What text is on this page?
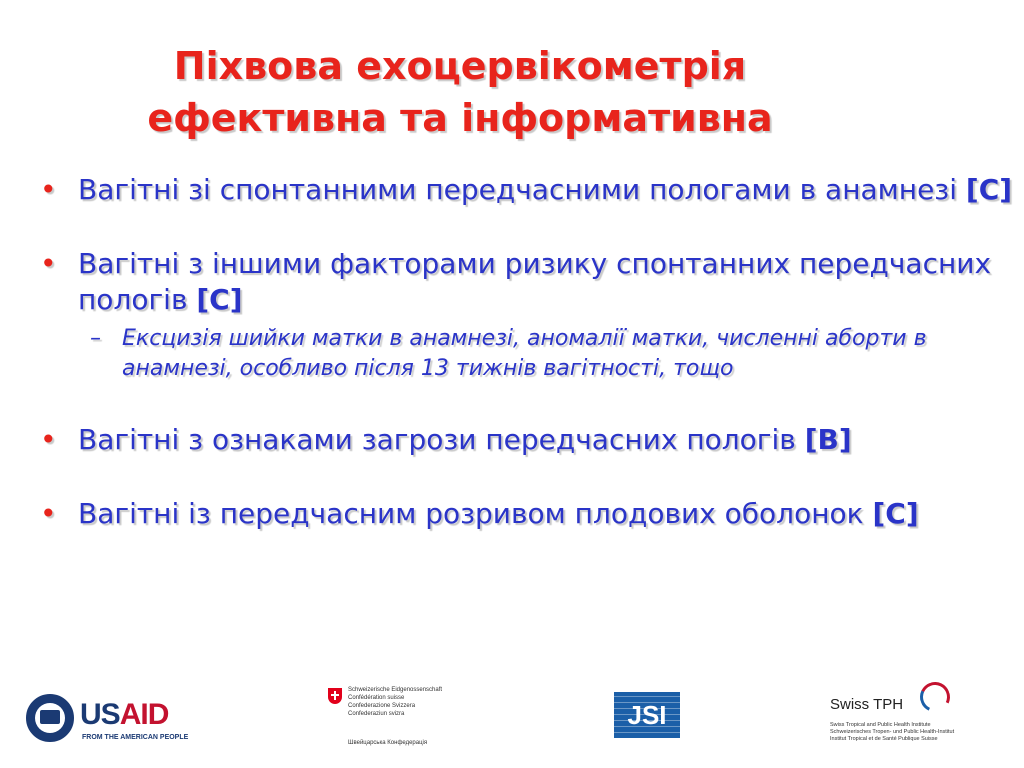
Піхвова ехоцервікометрія
ефективна та інформативна
• Вагітні зі спонтанними передчасними пологами в анамнезі [C]
• Вагітні з іншими факторами ризику спонтанних передчасних пологів [C]
– Ексцизія шийки матки в анамнезі, аномалії матки, численні аборти в анамнезі, особливо після 13 тижнів вагітності, тощо
• Вагітні з ознаками загрози передчасних пологів [B]
• Вагітні із передчасним розривом плодових оболонок [C]
USAID
FROM THE AMERICAN PEOPLE
Schweizerische Eidgenossenschaft
Confédération suisse
Confederazione Svizzera
Confederaziun svizra
Швейцарська Конфедерація
JSI	Swiss TPH
Swiss Tropical and Public Health Institute
Schweizerisches Tropen- und Public Health-Institut
Institut Tropical et de Santé Publique Suisse
